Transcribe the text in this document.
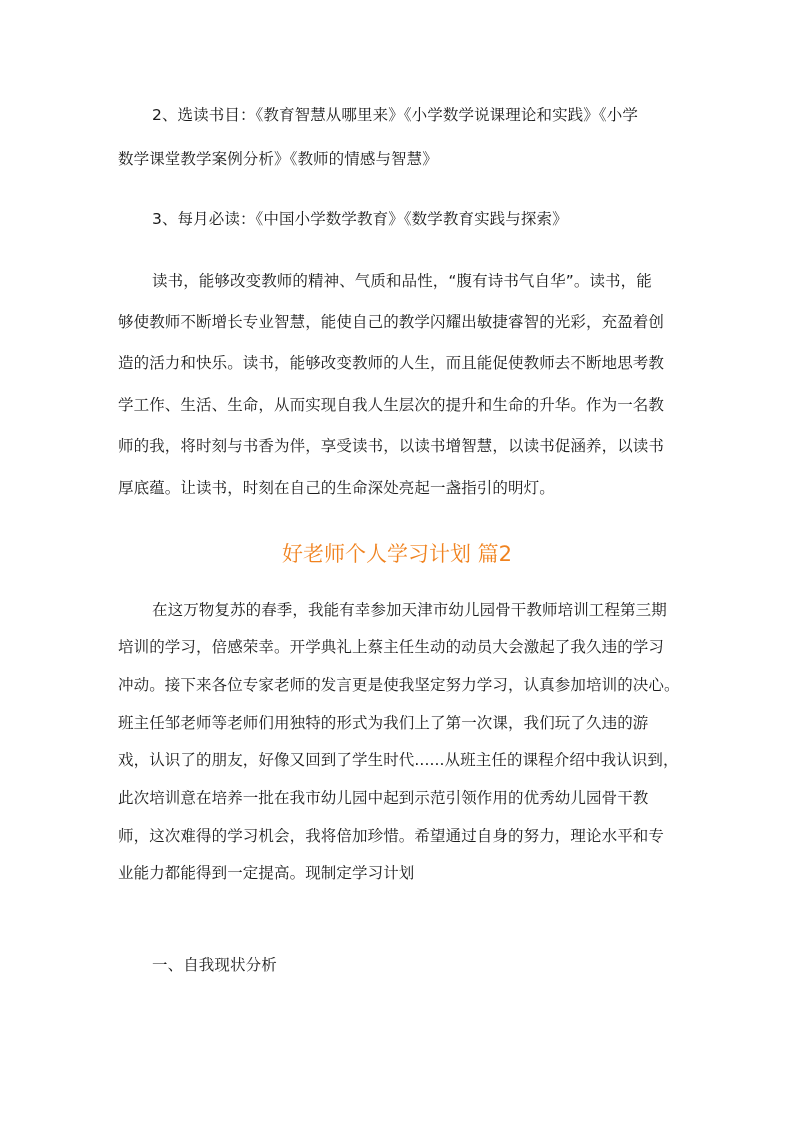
2、选读书目：《教育智慧从哪里来》《小学数学说课理论和实践》《小学
数学课堂教学案例分析》《教师的情感与智慧》
3、每月必读：《中国小学数学教育》《数学教育实践与探索》
读书，能够改变教师的精神、气质和品性，“腹有诗书气自华”。读书，能
够使教师不断增长专业智慧，能使自己的教学闪耀出敏捷睿智的光彩，充盈着创
造的活力和快乐。读书，能够改变教师的人生，而且能促使教师去不断地思考教
学工作、生活、生命，从而实现自我人生层次的提升和生命的升华。作为一名教
师的我，将时刻与书香为伴，享受读书，以读书增智慧，以读书促涵养，以读书
厚底蕴。让读书，时刻在自己的生命深处亮起一盏指引的明灯。
好老师个人学习计划 篇2
在这万物复苏的春季，我能有幸参加天津市幼儿园骨干教师培训工程第三期
培训的学习，倍感荣幸。开学典礼上蔡主任生动的动员大会激起了我久违的学习
冲动。接下来各位专家老师的发言更是使我坚定努力学习，认真参加培训的决心。
班主任邹老师等老师们用独特的形式为我们上了第一次课，我们玩了久违的游
戏，认识了的朋友，好像又回到了学生时代......从班主任的课程介绍中我认识到，
此次培训意在培养一批在我市幼儿园中起到示范引领作用的优秀幼儿园骨干教
师，这次难得的学习机会，我将倍加珍惜。希望通过自身的努力，理论水平和专
业能力都能得到一定提高。现制定学习计划
一、自我现状分析
